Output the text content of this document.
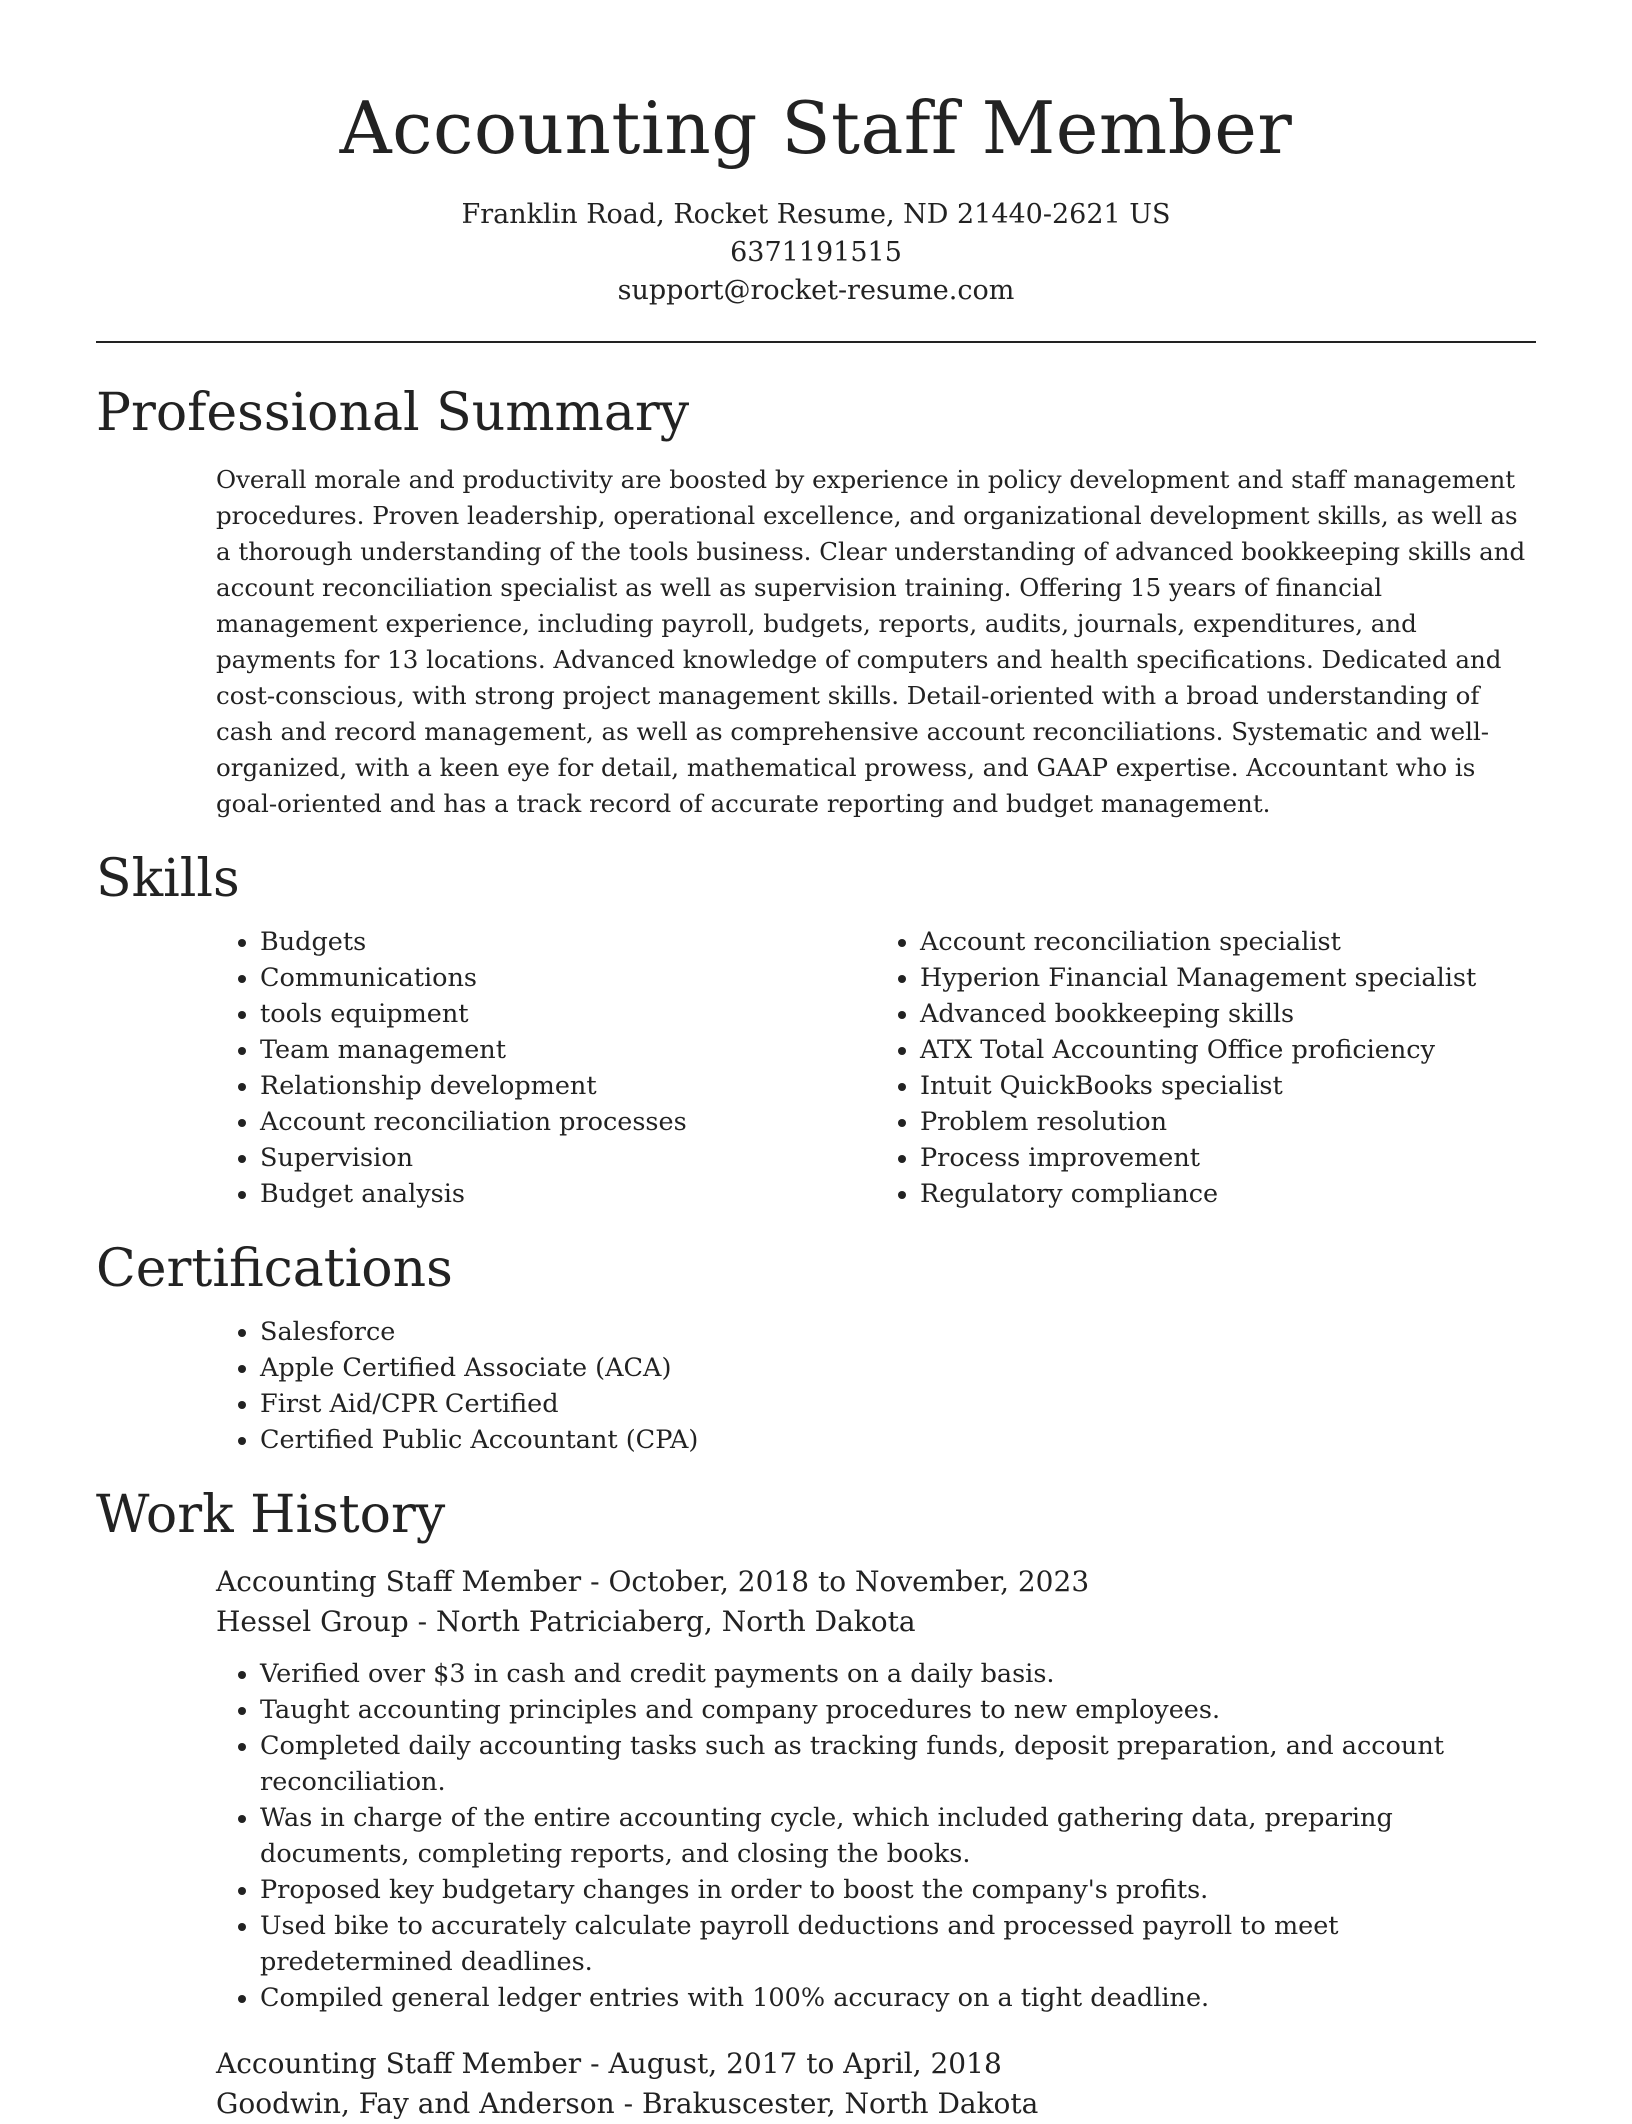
Accounting Staff Member
Franklin Road, Rocket Resume, ND 21440-2621 US
6371191515
support@rocket-resume.com
Professional Summary

Overall morale and productivity are boosted by experience in policy development and staff management procedures. Proven leadership, operational excellence, and organizational development skills, as well as a thorough understanding of the tools business. Clear understanding of advanced bookkeeping skills and account reconciliation specialist as well as supervision training. Offering 15 years of financial management experience, including payroll, budgets, reports, audits, journals, expenditures, and payments for 13 locations. Advanced knowledge of computers and health specifications. Dedicated and cost-conscious, with strong project management skills. Detail-oriented with a broad understanding of cash and record management, as well as comprehensive account reconciliations. Systematic and well-organized, with a keen eye for detail, mathematical prowess, and GAAP expertise. Accountant who is goal-oriented and has a track record of accurate reporting and budget management.

Skills
• Budgets
• Communications
• tools equipment
• Team management
• Relationship development
• Account reconciliation processes
• Supervision
• Budget analysis
• Account reconciliation specialist
• Hyperion Financial Management specialist
• Advanced bookkeeping skills
• ATX Total Accounting Office proficiency
• Intuit QuickBooks specialist
• Problem resolution
• Process improvement
• Regulatory compliance
Certifications
• Salesforce
• Apple Certified Associate (ACA)
• First Aid/CPR Certified
• Certified Public Accountant (CPA)
Work History
Accounting Staff Member - October, 2018 to November, 2023
Hessel Group - North Patriciaberg, North Dakota
• Verified over $3 in cash and credit payments on a daily basis.
• Taught accounting principles and company procedures to new employees.
• Completed daily accounting tasks such as tracking funds, deposit preparation, and account reconciliation.
• Was in charge of the entire accounting cycle, which included gathering data, preparing documents, completing reports, and closing the books.
• Proposed key budgetary changes in order to boost the company's profits.
• Used bike to accurately calculate payroll deductions and processed payroll to meet predetermined deadlines.
• Compiled general ledger entries with 100% accuracy on a tight deadline.
Accounting Staff Member - August, 2017 to April, 2018
Goodwin, Fay and Anderson - Brakuscester, North Dakota
